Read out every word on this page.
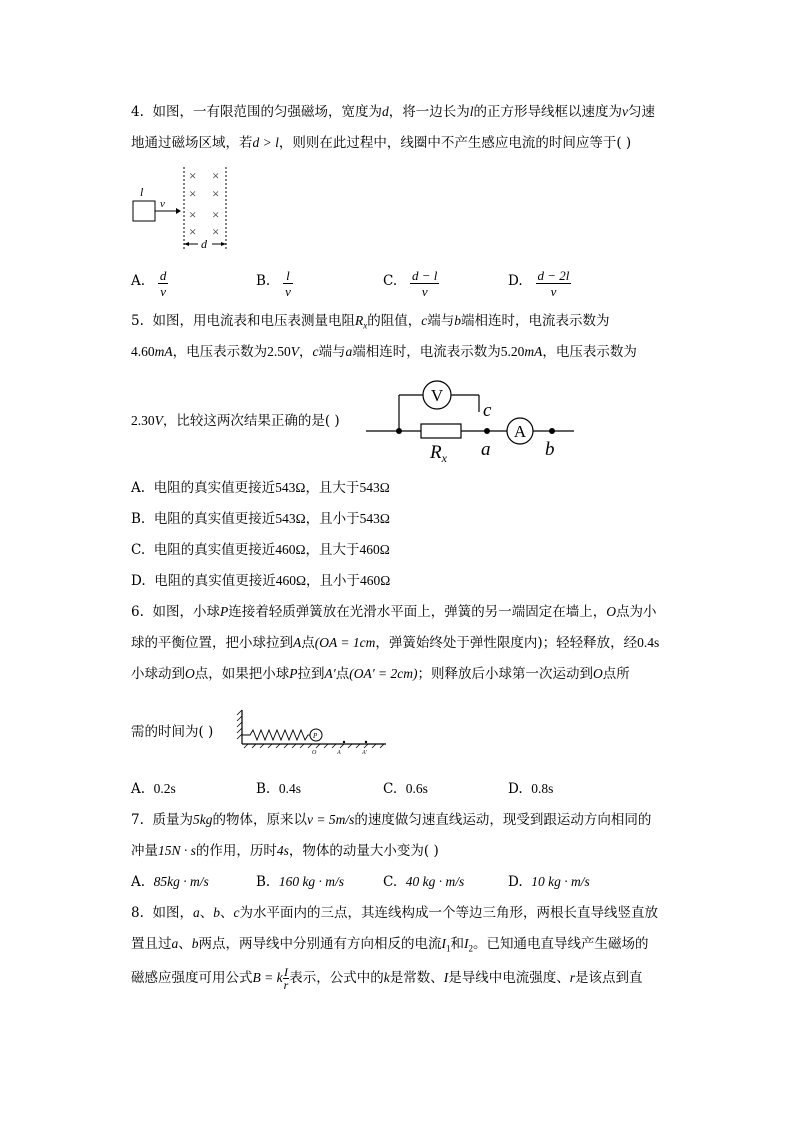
4. 如图，一有限范围的匀强磁场，宽度为d，将一边长为l的正方形导线框以速度为v匀速
地通过磁场区域，若d > l，则则在此过程中，线圈中不产生感应电流的时间应等于( )
l
v
× ×
× ×
× ×
× ×
d
A. $\frac{d}{v}$	B. $\frac{l}{v}$	C. $\frac{d - l}{v}$	D. $\frac{d - 2l}{v}$
5. 如图，用电流表和电压表测量电阻$R_x$的阻值，c端与b端相连时，电流表示数为
4.60mA，电压表示数为2.50V，c端与a端相连时，电流表示数为5.20mA，电压表示数为
2.30V，比较这两次结果正确的是( )
A
V
c
a	b
$R_x$
A. 电阻的真实值更接近543Ω，且大于543Ω
B. 电阻的真实值更接近543Ω，且小于543Ω
C. 电阻的真实值更接近460Ω，且大于460Ω
D. 电阻的真实值更接近460Ω，且小于460Ω
6. 如图，小球P连接着轻质弹簧放在光滑水平面上，弹簧的另一端固定在墙上，O点为小
球的平衡位置，把小球拉到A点(OA = 1cm，弹簧始终处于弹性限度内)；轻轻释放，经0.4s
小球动到O点，如果把小球P拉到A′点(OA′ = 2cm)；则释放后小球第一次运动到O点所
需的时间为( )	P
O	A	A′
A. 0.2s	B. 0.4s	C. 0.6s	D. 0.8s
7. 质量为5kg的物体，原来以v = 5m/s的速度做匀速直线运动，现受到跟运动方向相同的
冲量15N · s的作用，历时4s，物体的动量大小变为( )
A. 85kg · m/s	B. 160 kg · m/s	C. 40 kg · m/s	D. 10 kg · m/s
8. 如图，a、b、c为水平面内的三点，其连线构成一个等边三角形，两根长直导线竖直放
置且过a、b两点，两导线中分别通有方向相反的电流$I_1$和$I_2$。已知通电直导线产生磁场的
磁感应强度可用公式B = k $\frac{I}{r}$ 表示，公式中的k是常数、I是导线中电流强度、r是该点到直
